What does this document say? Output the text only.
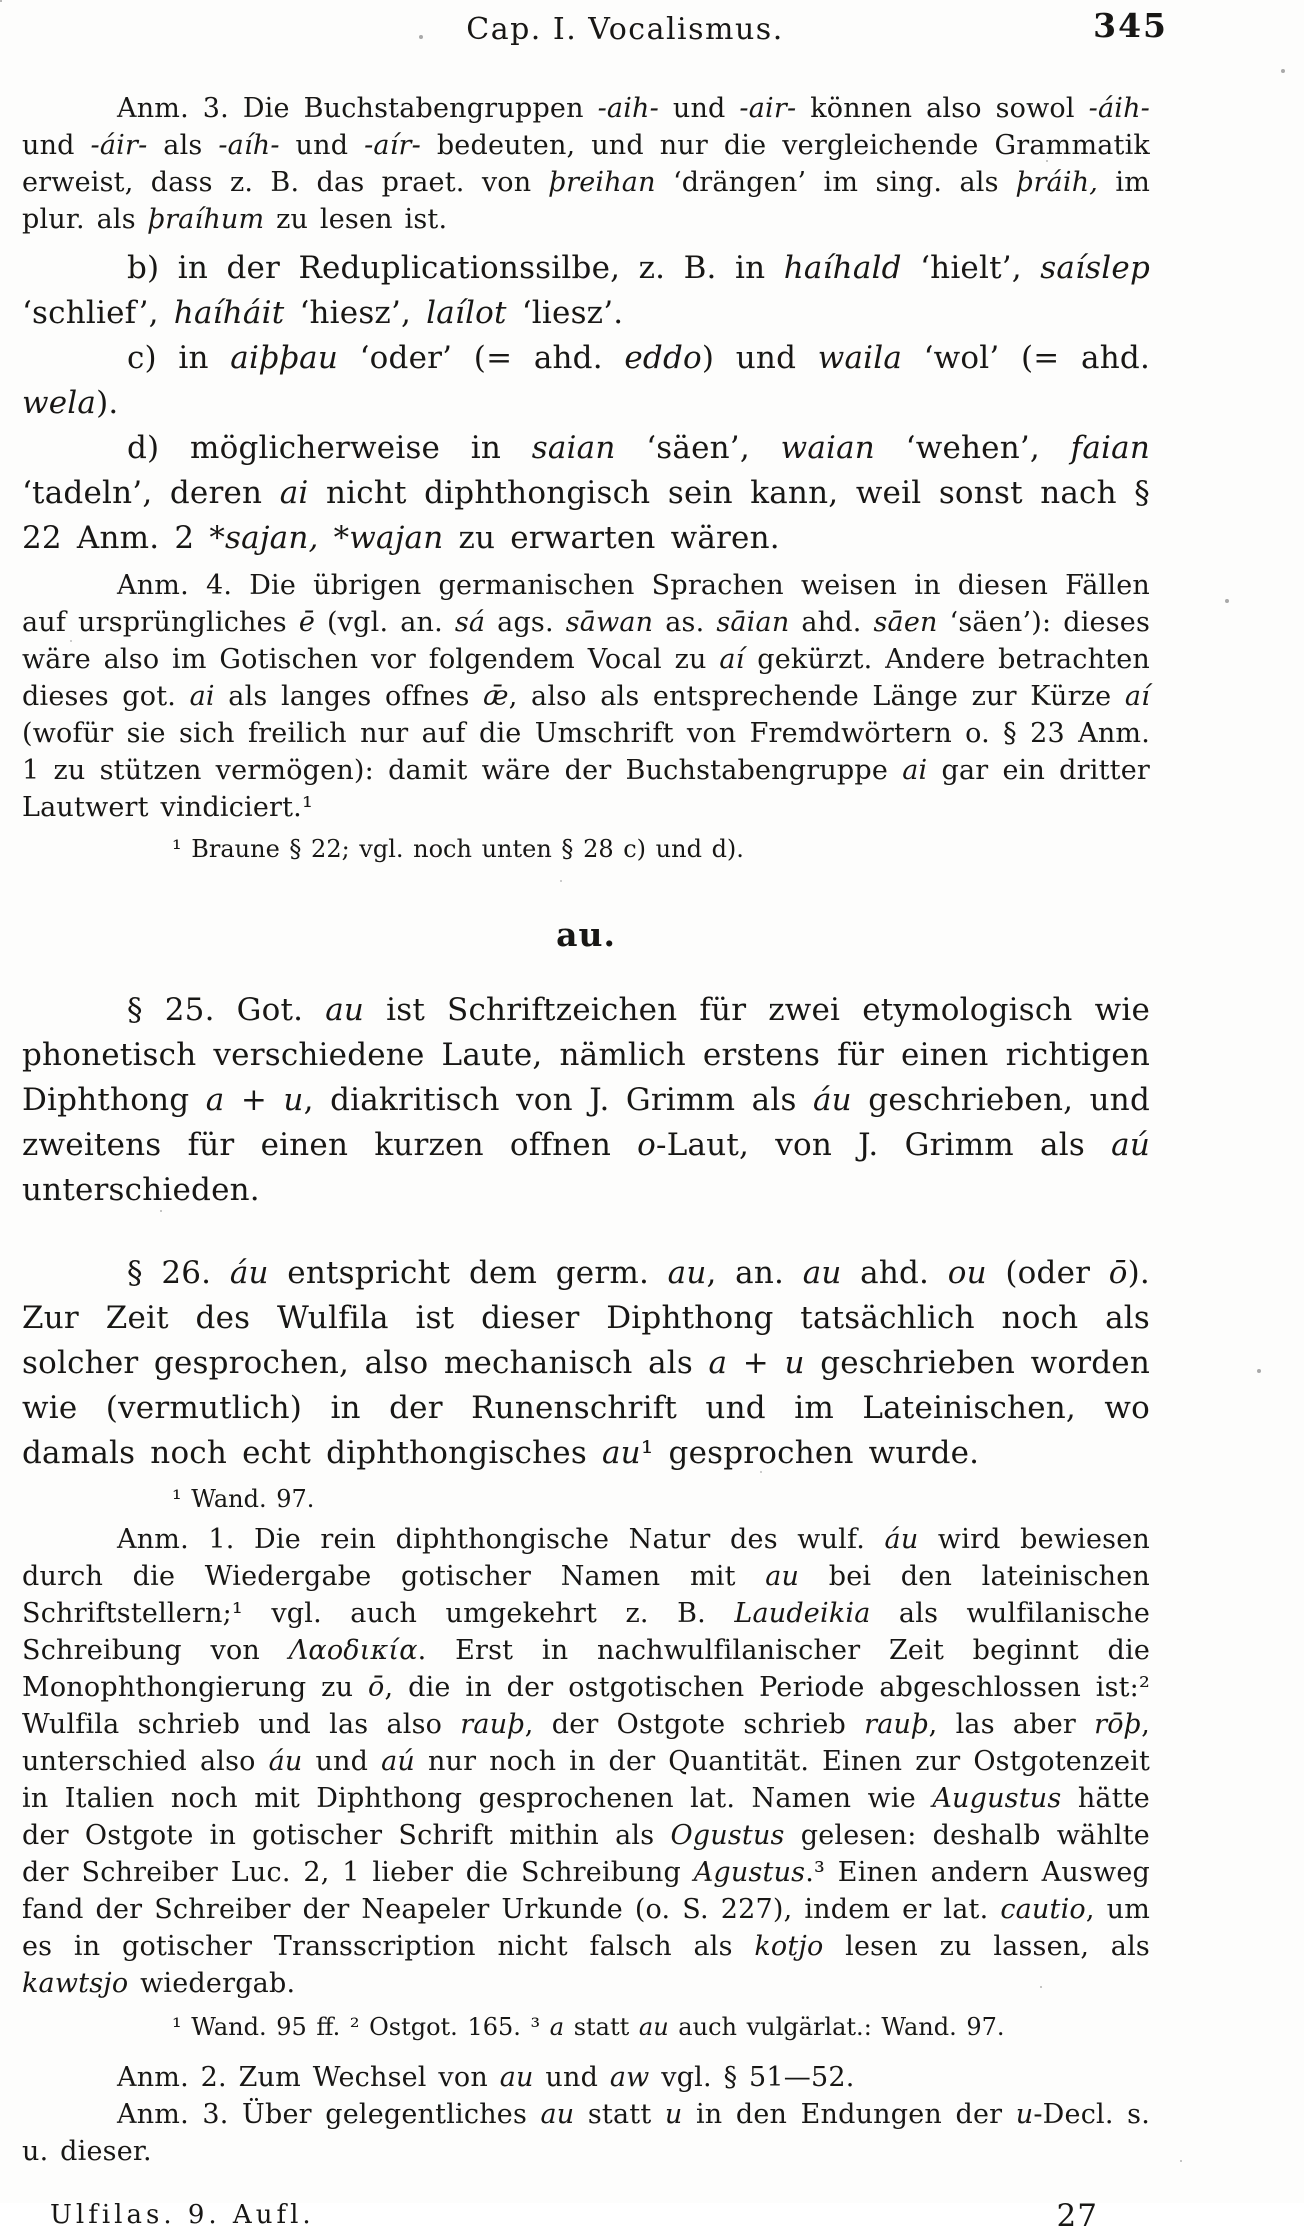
Cap. I. Vocalismus.	345

Anm. 3. Die Buchstabengruppen -aih- und -air- können also sowol -áih- und -áir- als -aíh- und -aír- bedeuten, und nur die vergleichende Grammatik erweist, dass z. B. das praet. von þreihan ‘drängen’ im sing. als þráih, im plur. als þraíhum zu lesen ist.

b) in der Reduplicationssilbe, z. B. in haíhald ‘hielt’, saíslep ‘schlief’, haíháit ‘hiesz’, laílot ‘liesz’.

c) in aiþþau ‘oder’ (= ahd. eddo) und waila ‘wol’ (= ahd. wela).

d) möglicherweise in saian ‘säen’, waian ‘wehen’, faian ‘tadeln’, deren ai nicht diphthongisch sein kann, weil sonst nach § 22 Anm. 2 *sajan, *wajan zu erwarten wären.

Anm. 4. Die übrigen germanischen Sprachen weisen in diesen Fällen auf ursprüngliches ē (vgl. an. sá ags. sāwan as. sāian ahd. sāen ‘säen’): dieses wäre also im Gotischen vor folgendem Vocal zu aí gekürzt. Andere betrachten dieses got. ai als langes offnes ǣ, also als entsprechende Länge zur Kürze aí (wofür sie sich freilich nur auf die Umschrift von Fremdwörtern o. § 23 Anm. 1 zu stützen vermögen): damit wäre der Buchstabengruppe ai gar ein dritter Lautwert vindiciert.¹

¹ Braune § 22; vgl. noch unten § 28 c) und d).

au.

§ 25. Got. au ist Schriftzeichen für zwei etymologisch wie phonetisch verschiedene Laute, nämlich erstens für einen richtigen Diphthong a + u, diakritisch von J. Grimm als áu geschrieben, und zweitens für einen kurzen offnen o-Laut, von J. Grimm als aú unterschieden.

§ 26. áu entspricht dem germ. au, an. au ahd. ou (oder ō). Zur Zeit des Wulfila ist dieser Diphthong tatsächlich noch als solcher gesprochen, also mechanisch als a + u geschrieben worden wie (vermutlich) in der Runenschrift und im Lateinischen, wo damals noch echt diphthongisches au¹ gesprochen wurde.

¹ Wand. 97.

Anm. 1. Die rein diphthongische Natur des wulf. áu wird bewiesen durch die Wiedergabe gotischer Namen mit au bei den lateinischen Schriftstellern;¹ vgl. auch umgekehrt z. B. Laudeikia als wulfilanische Schreibung von Λαοδικία. Erst in nachwulfilanischer Zeit beginnt die Monophthongierung zu ō, die in der ostgotischen Periode abgeschlossen ist:² Wulfila schrieb und las also rauþ, der Ostgote schrieb rauþ, las aber rōþ, unterschied also áu und aú nur noch in der Quantität. Einen zur Ostgotenzeit in Italien noch mit Diphthong gesprochenen lat. Namen wie Augustus hätte der Ostgote in gotischer Schrift mithin als Ogustus gelesen: deshalb wählte der Schreiber Luc. 2, 1 lieber die Schreibung Agustus.³ Einen andern Ausweg fand der Schreiber der Neapeler Urkunde (o. S. 227), indem er lat. cautio, um es in gotischer Transscription nicht falsch als kotjo lesen zu lassen, als kawtsjo wiedergab.

¹ Wand. 95 ff. ² Ostgot. 165. ³ a statt au auch vulgärlat.: Wand. 97.

Anm. 2. Zum Wechsel von au und aw vgl. § 51—52.

Anm. 3. Über gelegentliches au statt u in den Endungen der u-Decl. s. u. dieser.

Ulfilas. 9. Aufl.	27
